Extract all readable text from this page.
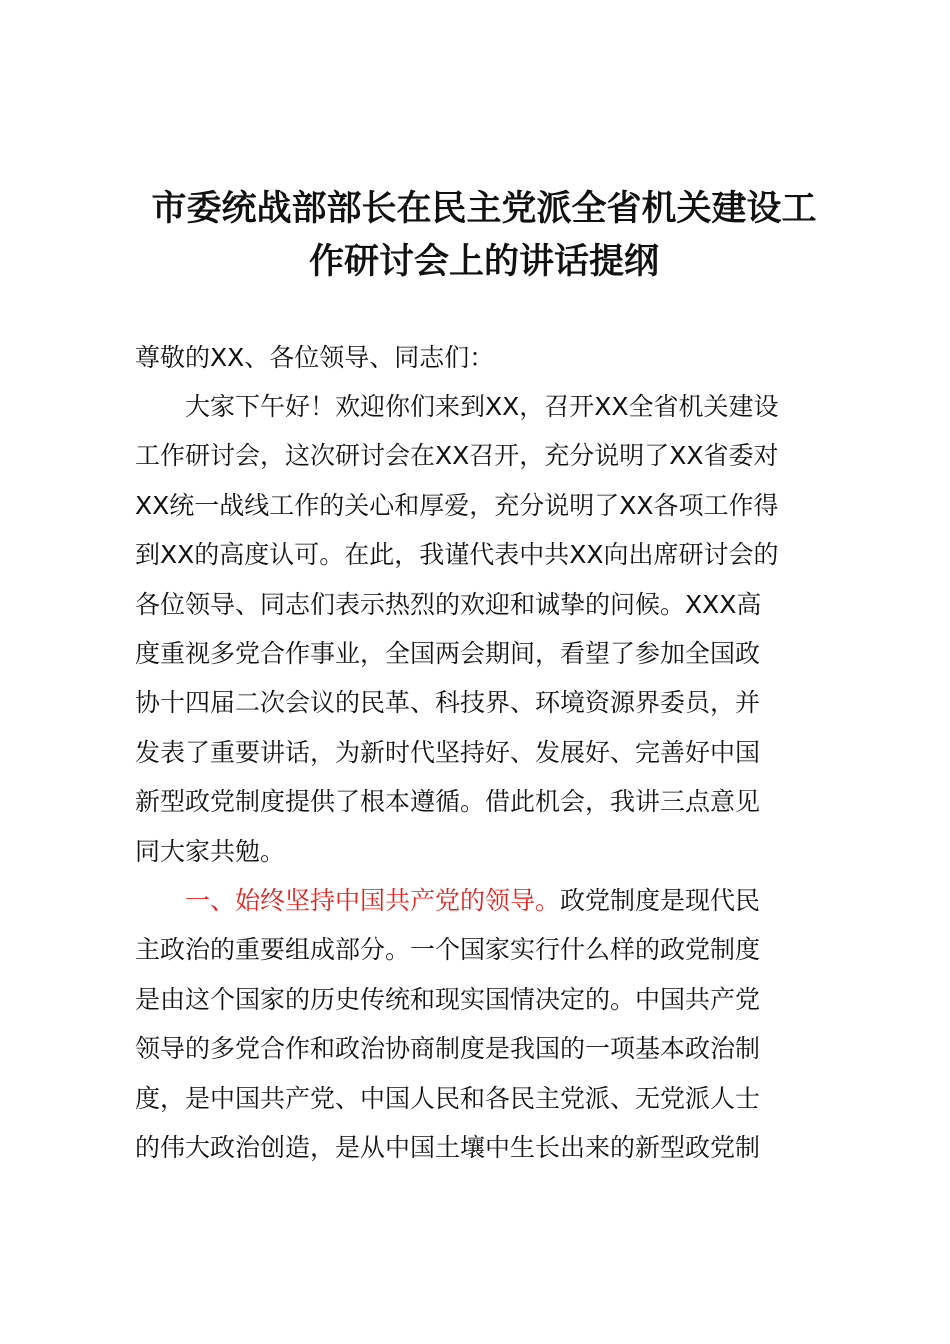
市委统战部部长在民主党派全省机关建设工
作研讨会上的讲话提纲
尊敬的XX、各位领导、同志们：
大家下午好！欢迎你们来到XX，召开XX全省机关建设
工作研讨会，这次研讨会在XX召开，充分说明了XX省委对
XX统一战线工作的关心和厚爱，充分说明了XX各项工作得
到XX的高度认可。在此，我谨代表中共XX向出席研讨会的
各位领导、同志们表示热烈的欢迎和诚挚的问候。XXX高
度重视多党合作事业，全国两会期间，看望了参加全国政
协十四届二次会议的民革、科技界、环境资源界委员，并
发表了重要讲话，为新时代坚持好、发展好、完善好中国
新型政党制度提供了根本遵循。借此机会，我讲三点意见
同大家共勉。
一、始终坚持中国共产党的领导。政党制度是现代民
主政治的重要组成部分。一个国家实行什么样的政党制度
是由这个国家的历史传统和现实国情决定的。中国共产党
领导的多党合作和政治协商制度是我国的一项基本政治制
度，是中国共产党、中国人民和各民主党派、无党派人士
的伟大政治创造，是从中国土壤中生长出来的新型政党制
